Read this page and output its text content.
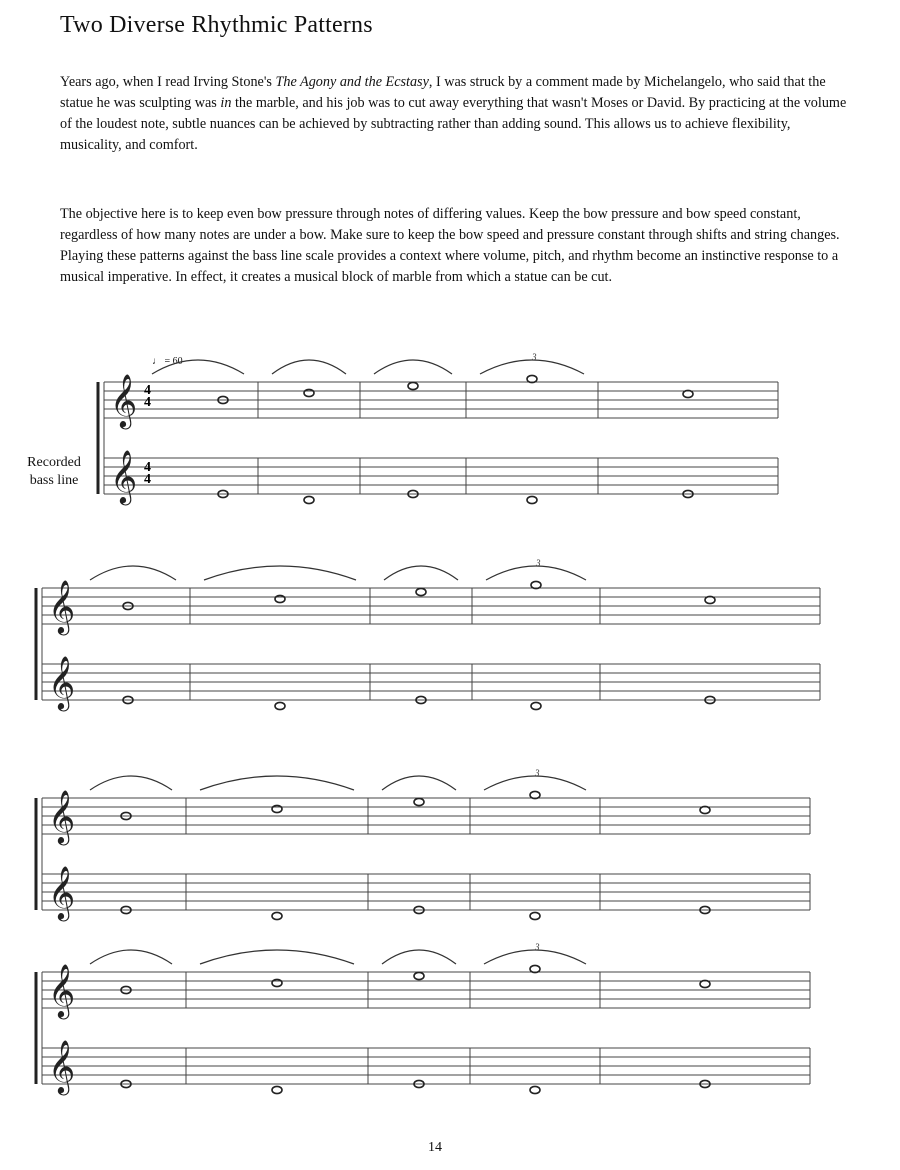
Two Diverse Rhythmic Patterns

Years ago, when I read Irving Stone's The Agony and the Ecstasy, I was struck by a comment made by Michelangelo, who said that the statue he was sculpting was in the marble, and his job was to cut away everything that wasn't Moses or David. By practicing at the volume of the loudest note, subtle nuances can be achieved by subtracting rather than adding sound. This allows us to achieve flexibility, musicality, and comfort.

The objective here is to keep even bow pressure through notes of differing values. Keep the bow pressure and bow speed constant, regardless of how many notes are under a bow. Make sure to keep the bow speed and pressure constant through shifts and string changes. Playing these patterns against the bass line scale provides a context where volume, pitch, and rhythm become an instinctive response to a musical imperative. In effect, it creates a musical block of marble from which a statue can be cut.

♩ = 60
Recorded
bass line
𝄞
𝄞
3
𝄞
𝄞
3
𝄞
𝄞
3
𝄞
𝄞
3
4
4
4
4
14
